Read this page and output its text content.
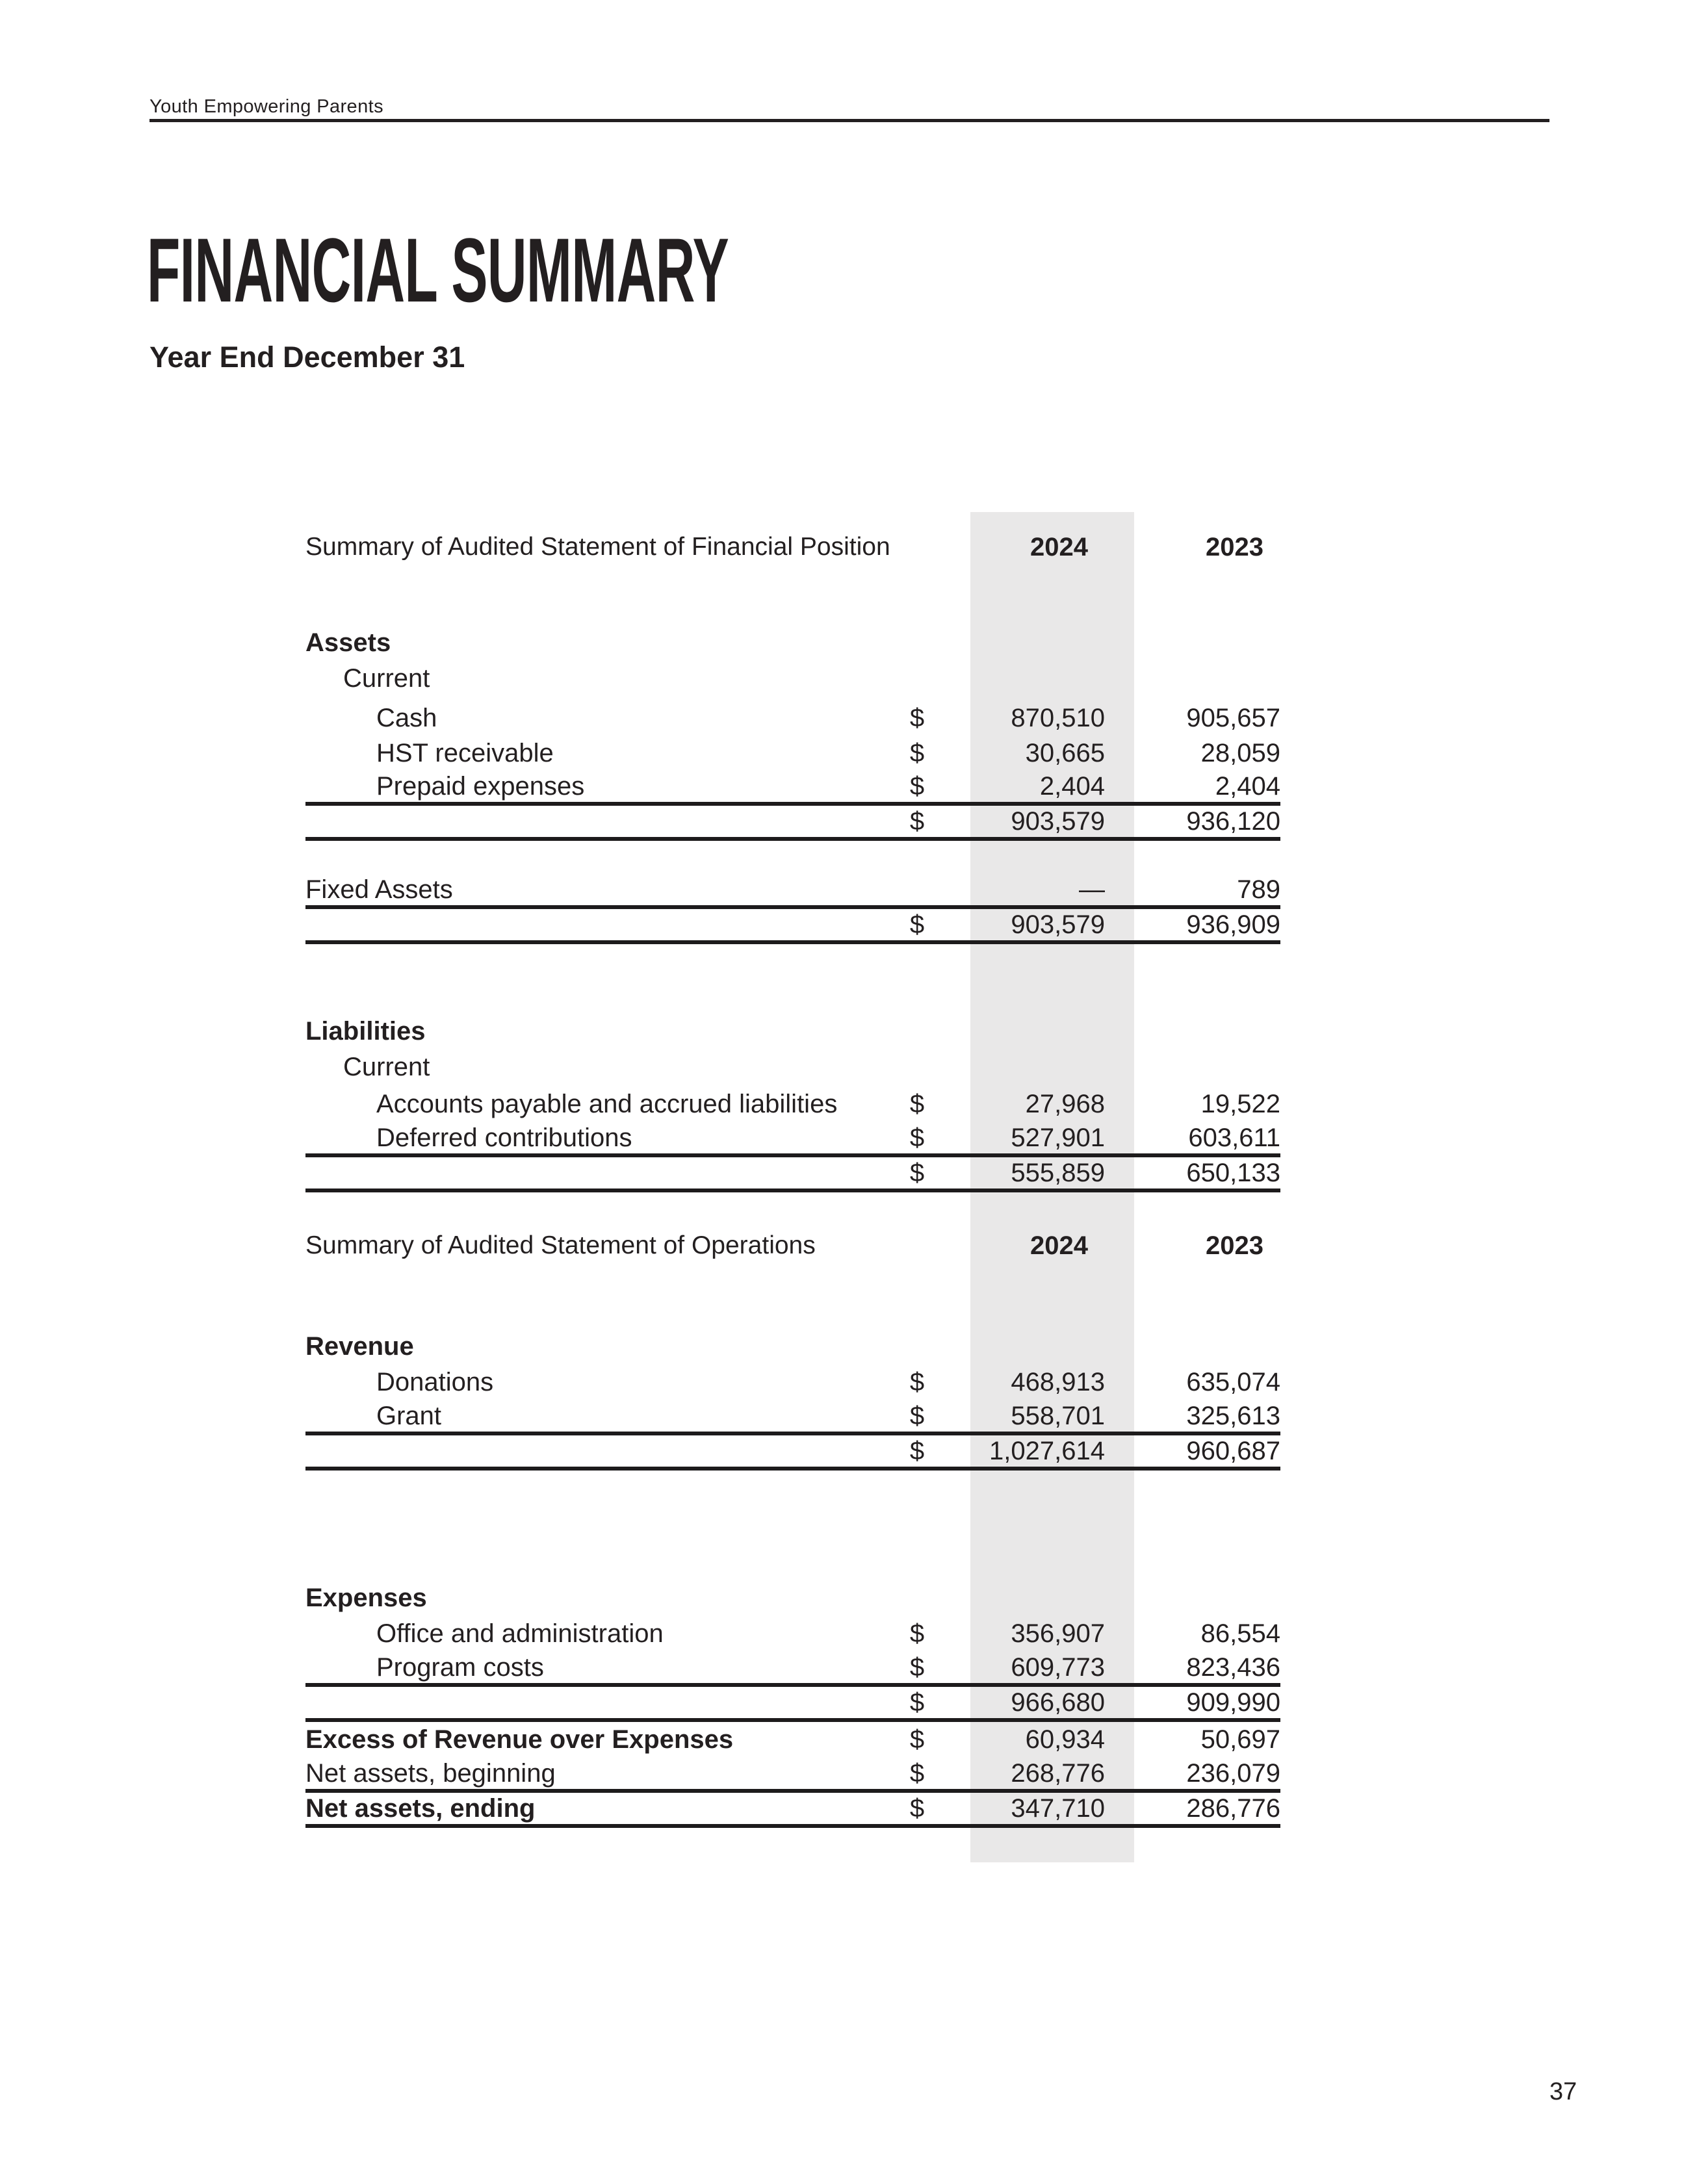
Youth Empowering Parents
FINANCIAL SUMMARY
Year End December 31
Summary of Audited Statement of Financial Position	2024	2023
Assets
Current
Cash	$	870,510	905,657
HST receivable	$	30,665	28,059
Prepaid expenses	$	2,404	2,404
$	903,579	936,120
Fixed Assets	—	789
$	903,579	936,909
Liabilities
Current
Accounts payable and accrued liabilities	$	27,968	19,522
Deferred contributions	$	527,901	603,611
$	555,859	650,133
Summary of Audited Statement of Operations	2024	2023
Revenue
Donations	$	468,913	635,074
Grant	$	558,701	325,613
$	1,027,614	960,687
Expenses
Office and administration	$	356,907	86,554
Program costs	$	609,773	823,436
$	966,680	909,990
Excess of Revenue over Expenses	$	60,934	50,697
Net assets, beginning	$	268,776	236,079
Net assets, ending	$	347,710	286,776
37
